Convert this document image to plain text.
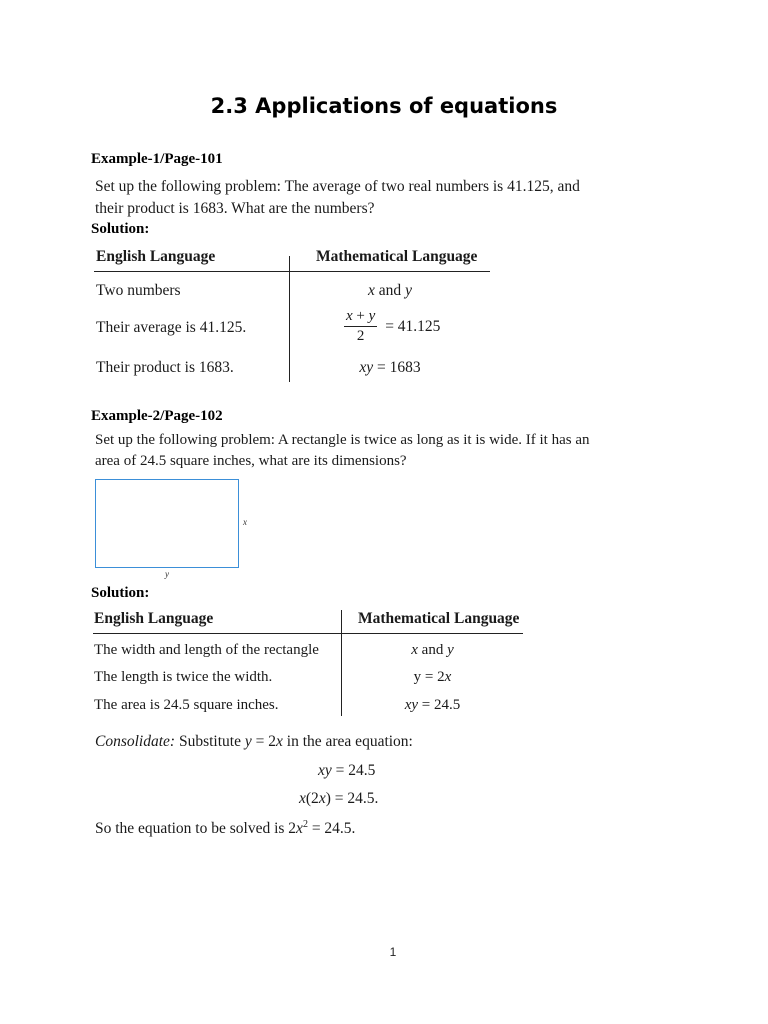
2.3 Applications of equations
Example-1/Page-101
Set up the following problem: The average of two real numbers is 41.125, and
their product is 1683. What are the numbers?
Solution:
English Language	Mathematical Language
Two numbers	x and y
Their average is 41.125.	$\frac{x + y}{2} = 41.125$
Their product is 1683.	xy = 1683
Example-2/Page-102
Set up the following problem: A rectangle is twice as long as it is wide. If it has an
area of 24.5 square inches, what are its dimensions?
x
y
Solution:
English Language	Mathematical Language
The width and length of the rectangle	x and y
The length is twice the width.	y = 2x
The area is 24.5 square inches.	xy = 24.5
Consolidate: Substitute y = 2x in the area equation:
xy = 24.5
x(2x) = 24.5.
So the equation to be solved is $2x^2 = 24.5$.
1
